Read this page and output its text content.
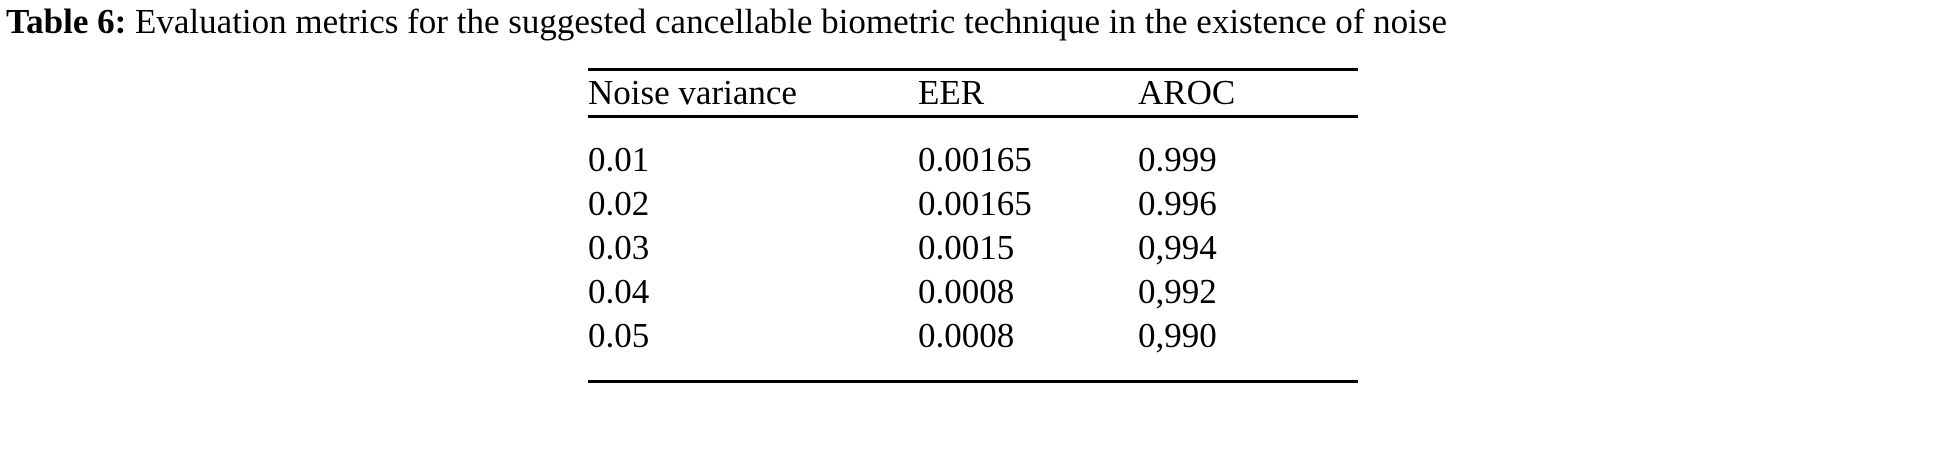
Table 6: Evaluation metrics for the suggested cancellable biometric technique in the existence of noise
Noise variance	EER	AROC
0.01	0.00165	0.999
0.02	0.00165	0.996
0.03	0.0015	0,994
0.04	0.0008	0,992
0.05	0.0008	0,990
